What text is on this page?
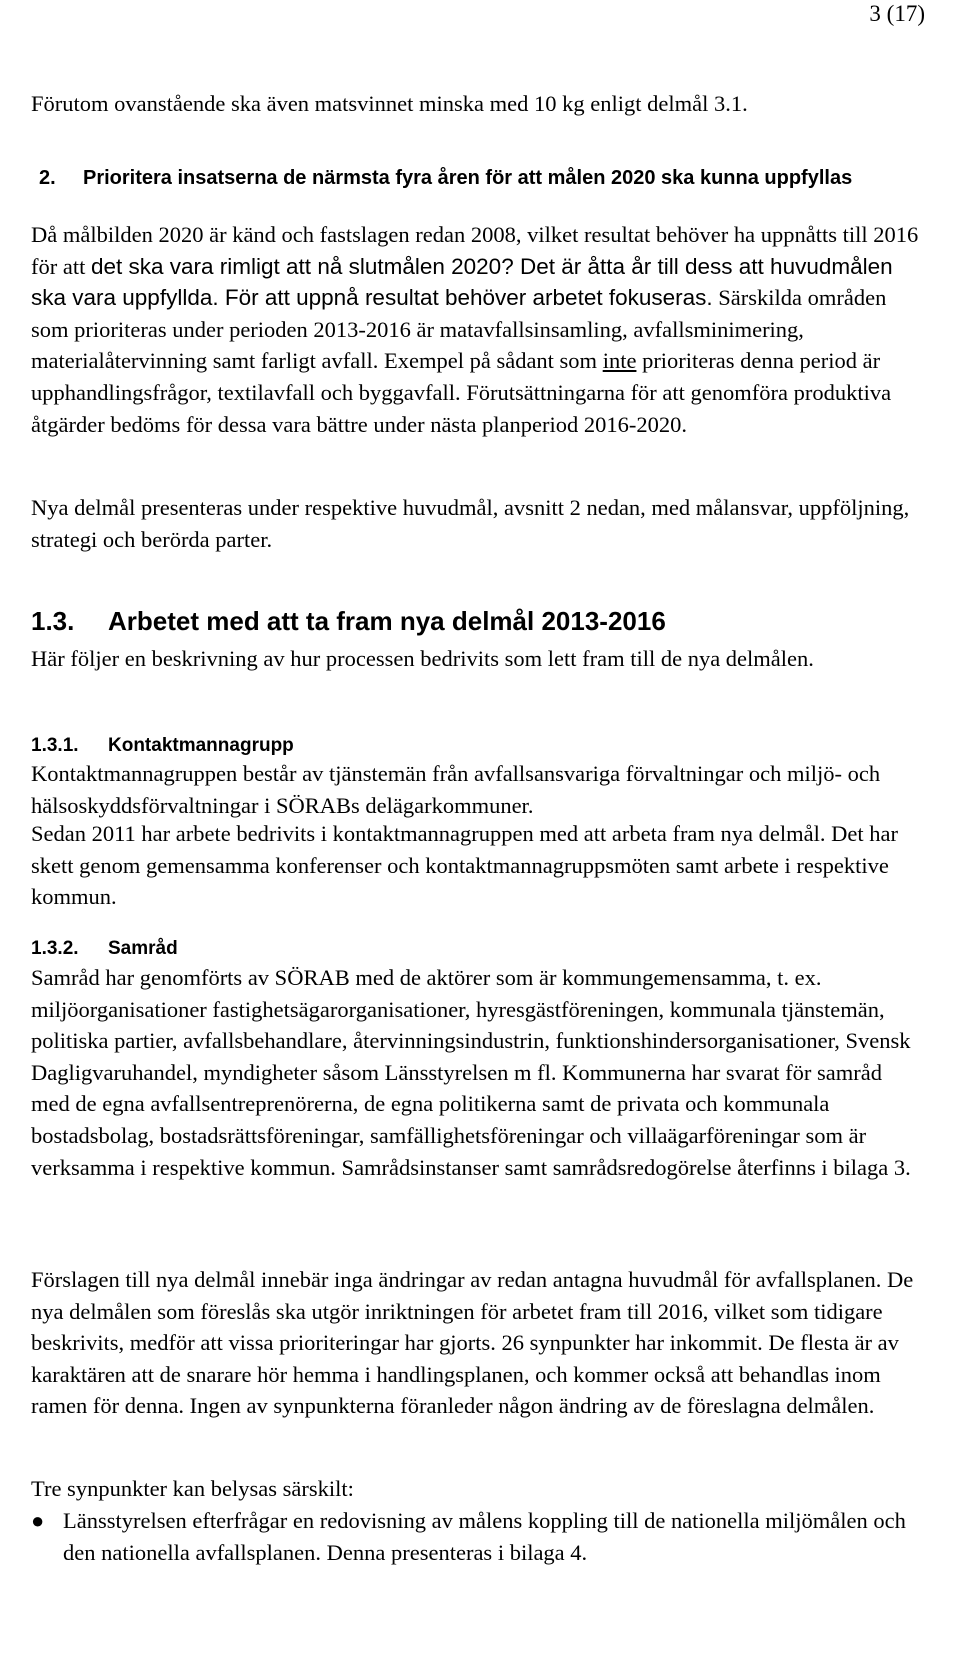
3 (17)

Förutom ovanstående ska även matsvinnet minska med 10 kg enligt delmål 3.1.

2. Prioritera insatserna de närmsta fyra åren för att målen 2020 ska kunna uppfyllas

Då målbilden 2020 är känd och fastslagen redan 2008, vilket resultat behöver ha uppnåtts till 2016 för att det ska vara rimligt att nå slutmålen 2020? Det är åtta år till dess att huvudmålen ska vara uppfyllda. För att uppnå resultat behöver arbetet fokuseras. Särskilda områden som prioriteras under perioden 2013-2016 är matavfallsinsamling, avfallsminimering, materialåtervinning samt farligt avfall. Exempel på sådant som inte prioriteras denna period är upphandlingsfrågor, textilavfall och byggavfall. Förutsättningarna för att genomföra produktiva åtgärder bedöms för dessa vara bättre under nästa planperiod 2016-2020.

Nya delmål presenteras under respektive huvudmål, avsnitt 2 nedan, med målansvar, uppföljning, strategi och berörda parter.

1.3. Arbetet med att ta fram nya delmål 2013-2016

Här följer en beskrivning av hur processen bedrivits som lett fram till de nya delmålen.

1.3.1. Kontaktmannagrupp

Kontaktmannagruppen består av tjänstemän från avfallsansvariga förvaltningar och miljö- och hälsoskyddsförvaltningar i SÖRABs delägarkommuner.

Sedan 2011 har arbete bedrivits i kontaktmannagruppen med att arbeta fram nya delmål. Det har skett genom gemensamma konferenser och kontaktmannagruppsmöten samt arbete i respektive kommun.

1.3.2. Samråd

Samråd har genomförts av SÖRAB med de aktörer som är kommungemensamma, t. ex. miljöorganisationer fastighetsägarorganisationer, hyresgästföreningen, kommunala tjänstemän, politiska partier, avfallsbehandlare, återvinningsindustrin, funktionshindersorganisationer, Svensk Dagligvaruhandel, myndigheter såsom Länsstyrelsen m fl. Kommunerna har svarat för samråd med de egna avfallsentreprenörerna, de egna politikerna samt de privata och kommunala bostadsbolag, bostadsrättsföreningar, samfällighetsföreningar och villaägarföreningar som är verksamma i respektive kommun. Samrådsinstanser samt samrådsredogörelse återfinns i bilaga 3.

Förslagen till nya delmål innebär inga ändringar av redan antagna huvudmål för avfallsplanen. De nya delmålen som föreslås ska utgör inriktningen för arbetet fram till 2016, vilket som tidigare beskrivits, medför att vissa prioriteringar har gjorts. 26 synpunkter har inkommit. De flesta är av karaktären att de snarare hör hemma i handlingsplanen, och kommer också att behandlas inom ramen för denna. Ingen av synpunkterna föranleder någon ändring av de föreslagna delmålen.

Tre synpunkter kan belysas särskilt:

● Länsstyrelsen efterfrågar en redovisning av målens koppling till de nationella miljömålen och den nationella avfallsplanen. Denna presenteras i bilaga 4.
